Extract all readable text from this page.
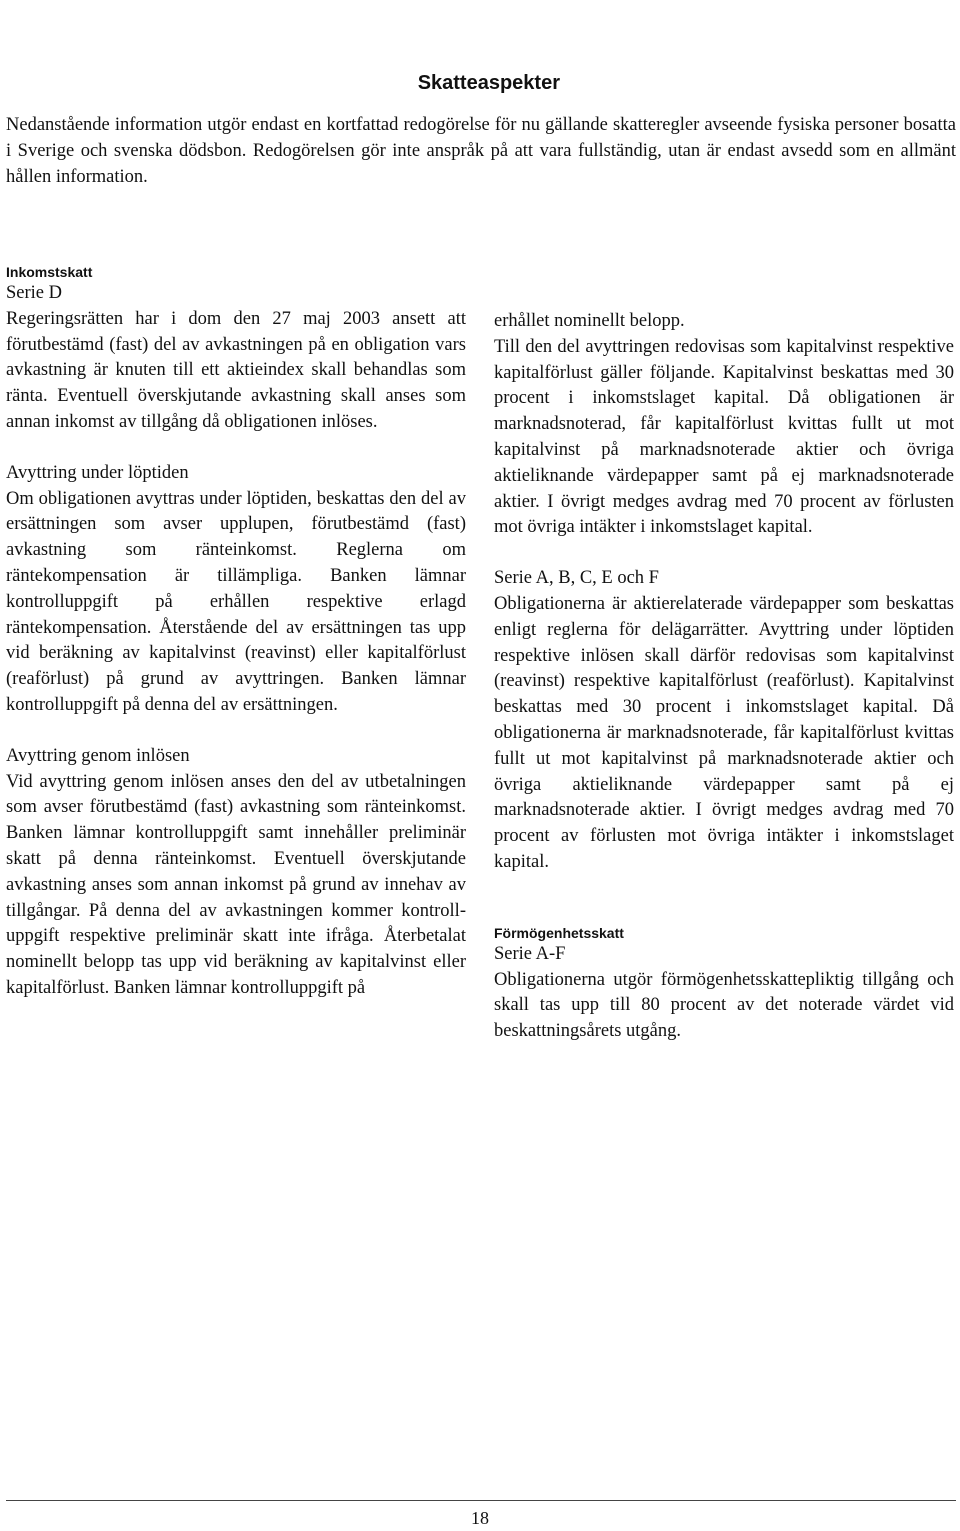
Skatteaspekter

Nedanstående information utgör endast en kortfattad redogörelse för nu gällande skatteregler avseende fysiska personer bosatta i Sverige och svenska dödsbon. Redogörelsen gör inte anspråk på att vara fullständig, utan är endast avsedd som en allmänt hållen information.

Inkomstskatt

Serie D

Regeringsrätten har i dom den 27 maj 2003 ansett att förutbestämd (fast) del av avkastningen på en obligation vars avkastning är knuten till ett aktieindex skall behandlas som ränta. Eventuell överskjutande avkastning skall anses som annan inkomst av tillgång då obligationen inlöses.

Avyttring under löptiden

Om obligationen avyttras under löptiden, beskattas den del av ersättningen som avser upplupen, förutbestämd (fast) avkastning som ränteinkomst. Reglerna om räntekompensation är tillämpliga. Banken lämnar kontrolluppgift på erhållen respektive erlagd räntekompensation. Återstående del av ersättningen tas upp vid beräkning av kapitalvinst (reavinst) eller kapitalförlust (reaförlust) på grund av avyttringen. Banken lämnar kontrolluppgift på denna del av ersättningen.

Avyttring genom inlösen

Vid avyttring genom inlösen anses den del av utbetalningen som avser förutbestämd (fast) avkastning som ränteinkomst. Banken lämnar kontrolluppgift samt innehåller preliminär skatt på denna ränteinkomst. Eventuell överskjutande avkastning anses som annan inkomst på grund av innehav av tillgångar. På denna del av avkastningen kommer kontroll-uppgift respektive preliminär skatt inte ifråga. Återbetalat nominellt belopp tas upp vid beräkning av kapitalvinst eller kapitalförlust. Banken lämnar kontrolluppgift på

erhållet nominellt belopp.

Till den del avyttringen redovisas som kapitalvinst respektive kapitalförlust gäller följande. Kapitalvinst beskattas med 30 procent i inkomstslaget kapital. Då obligationen är marknadsnoterad, får kapitalförlust kvittas fullt ut mot kapitalvinst på marknadsnoterade aktier och övriga aktieliknande värdepapper samt på ej marknadsnoterade aktier. I övrigt medges avdrag med 70 procent av förlusten mot övriga intäkter i inkomstslaget kapital.

Serie A, B, C, E och F

Obligationerna är aktierelaterade värdepapper som beskattas enligt reglerna för delägarrätter. Avyttring under löptiden respektive inlösen skall därför redovisas som kapitalvinst (reavinst) respektive kapitalförlust (reaförlust). Kapitalvinst beskattas med 30 procent i inkomstslaget kapital. Då obligationerna är marknadsnoterade, får kapitalförlust kvittas fullt ut mot kapitalvinst på marknadsnoterade aktier och övriga aktieliknande värdepapper samt på ej marknadsnoterade aktier. I övrigt medges avdrag med 70 procent av förlusten mot övriga intäkter i inkomstslaget kapital.

Förmögenhetsskatt

Serie A-F

Obligationerna utgör förmögenhetsskattepliktig tillgång och skall tas upp till 80 procent av det noterade värdet vid beskattningsårets utgång.

18
